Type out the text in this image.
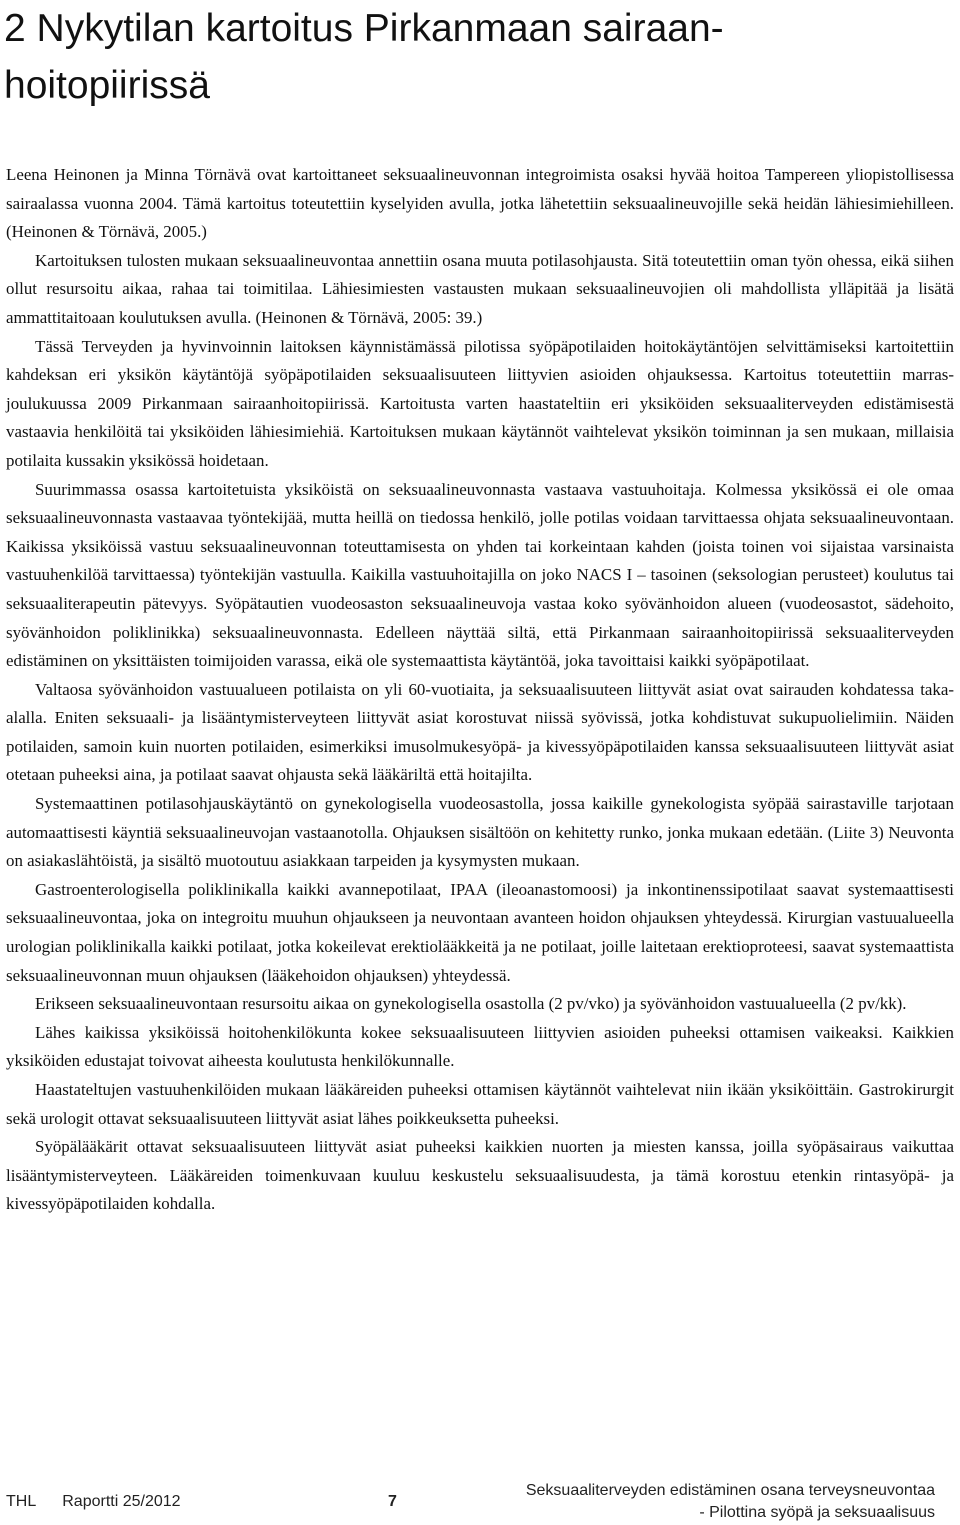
2 Nykytilan kartoitus Pirkanmaan sairaan-
hoitopiirissä

Leena Heinonen ja Minna Törnävä ovat kartoittaneet seksuaalineuvonnan integroimista osaksi hyvää hoitoa Tampereen yliopistollisessa sairaalassa vuonna 2004. Tämä kartoitus toteutettiin kyselyiden avulla, jotka lähetettiin seksuaalineuvojille sekä heidän lähiesimiehilleen. (Heinonen & Törnävä, 2005.)

Kartoituksen tulosten mukaan seksuaalineuvontaa annettiin osana muuta potilasohjausta. Sitä toteutettiin oman työn ohessa, eikä siihen ollut resursoitu aikaa, rahaa tai toimitilaa. Lähiesimiesten vastausten mukaan seksuaalineuvojien oli mahdollista ylläpitää ja lisätä ammattitaitoaan koulutuksen avulla. (Heinonen & Törnävä, 2005: 39.)

Tässä Terveyden ja hyvinvoinnin laitoksen käynnistämässä pilotissa syöpäpotilaiden hoitokäytäntöjen selvittämiseksi kartoitettiin kahdeksan eri yksikön käytäntöjä syöpäpotilaiden seksuaalisuuteen liittyvien asioiden ohjauksessa. Kartoitus toteutettiin marras- joulukuussa 2009 Pirkanmaan sairaanhoitopiirissä. Kartoitusta varten haastateltiin eri yksiköiden seksuaaliterveyden edistämisestä vastaavia henkilöitä tai yksiköiden lähiesimiehiä. Kartoituksen mukaan käytännöt vaihtelevat yksikön toiminnan ja sen mukaan, millaisia potilaita kussakin yksikössä hoidetaan.

Suurimmassa osassa kartoitetuista yksiköistä on seksuaalineuvonnasta vastaava vastuuhoitaja. Kolmessa yksikössä ei ole omaa seksuaalineuvonnasta vastaavaa työntekijää, mutta heillä on tiedossa henkilö, jolle potilas voidaan tarvittaessa ohjata seksuaalineuvontaan. Kaikissa yksiköissä vastuu seksuaalineuvonnan toteuttamisesta on yhden tai korkeintaan kahden (joista toinen voi sijaistaa varsinaista vastuuhenkilöä tarvittaessa) työntekijän vastuulla. Kaikilla vastuuhoitajilla on joko NACS I – tasoinen (seksologian perusteet) koulutus tai seksuaaliterapeutin pätevyys. Syöpätautien vuodeosaston seksuaalineuvoja vastaa koko syövänhoidon alueen (vuodeosastot, sädehoito, syövänhoidon poliklinikka) seksuaalineuvonnasta. Edelleen näyttää siltä, että Pirkanmaan sairaanhoitopiirissä seksuaaliterveyden edistäminen on yksittäisten toimijoiden varassa, eikä ole systemaattista käytäntöä, joka tavoittaisi kaikki syöpäpotilaat.

Valtaosa syövänhoidon vastuualueen potilaista on yli 60-vuotiaita, ja seksuaalisuuteen liittyvät asiat ovat sairauden kohdatessa taka-alalla. Eniten seksuaali- ja lisääntymisterveyteen liittyvät asiat korostuvat niissä syövissä, jotka kohdistuvat sukupuolielimiin. Näiden potilaiden, samoin kuin nuorten potilaiden, esimerkiksi imusolmukesyöpä- ja kivessyöpäpotilaiden kanssa seksuaalisuuteen liittyvät asiat otetaan puheeksi aina, ja potilaat saavat ohjausta sekä lääkäriltä että hoitajilta.

Systemaattinen potilasohjauskäytäntö on gynekologisella vuodeosastolla, jossa kaikille gynekologista syöpää sairastaville tarjotaan automaattisesti käyntiä seksuaalineuvojan vastaanotolla. Ohjauksen sisältöön on kehitetty runko, jonka mukaan edetään. (Liite 3) Neuvonta on asiakaslähtöistä, ja sisältö muotoutuu asiakkaan tarpeiden ja kysymysten mukaan.

Gastroenterologisella poliklinikalla kaikki avannepotilaat, IPAA (ileoanastomoosi) ja inkontinenssipotilaat saavat systemaattisesti seksuaalineuvontaa, joka on integroitu muuhun ohjaukseen ja neuvontaan avanteen hoidon ohjauksen yhteydessä. Kirurgian vastuualueella urologian poliklinikalla kaikki potilaat, jotka kokeilevat erektiolääkkeitä ja ne potilaat, joille laitetaan erektioproteesi, saavat systemaattista seksuaalineuvonnan muun ohjauksen (lääkehoidon ohjauksen) yhteydessä.

Erikseen seksuaalineuvontaan resursoitu aikaa on gynekologisella osastolla (2 pv/vko) ja syövänhoidon vastuualueella (2 pv/kk).

Lähes kaikissa yksiköissä hoitohenkilökunta kokee seksuaalisuuteen liittyvien asioiden puheeksi ottamisen vaikeaksi. Kaikkien yksiköiden edustajat toivovat aiheesta koulutusta henkilökunnalle.

Haastateltujen vastuuhenkilöiden mukaan lääkäreiden puheeksi ottamisen käytännöt vaihtelevat niin ikään yksiköittäin. Gastrokirurgit sekä urologit ottavat seksuaalisuuteen liittyvät asiat lähes poikkeuksetta puheeksi.

Syöpälääkärit ottavat seksuaalisuuteen liittyvät asiat puheeksi kaikkien nuorten ja miesten kanssa, joilla syöpäsairaus vaikuttaa lisääntymisterveyteen. Lääkäreiden toimenkuvaan kuuluu keskustelu seksuaalisuudesta, ja tämä korostuu etenkin rintasyöpä- ja kivessyöpäpotilaiden kohdalla.

THL Raportti 25/2012	7
Seksuaaliterveyden edistäminen osana terveysneuvontaa
- Pilottina syöpä ja seksuaalisuus
